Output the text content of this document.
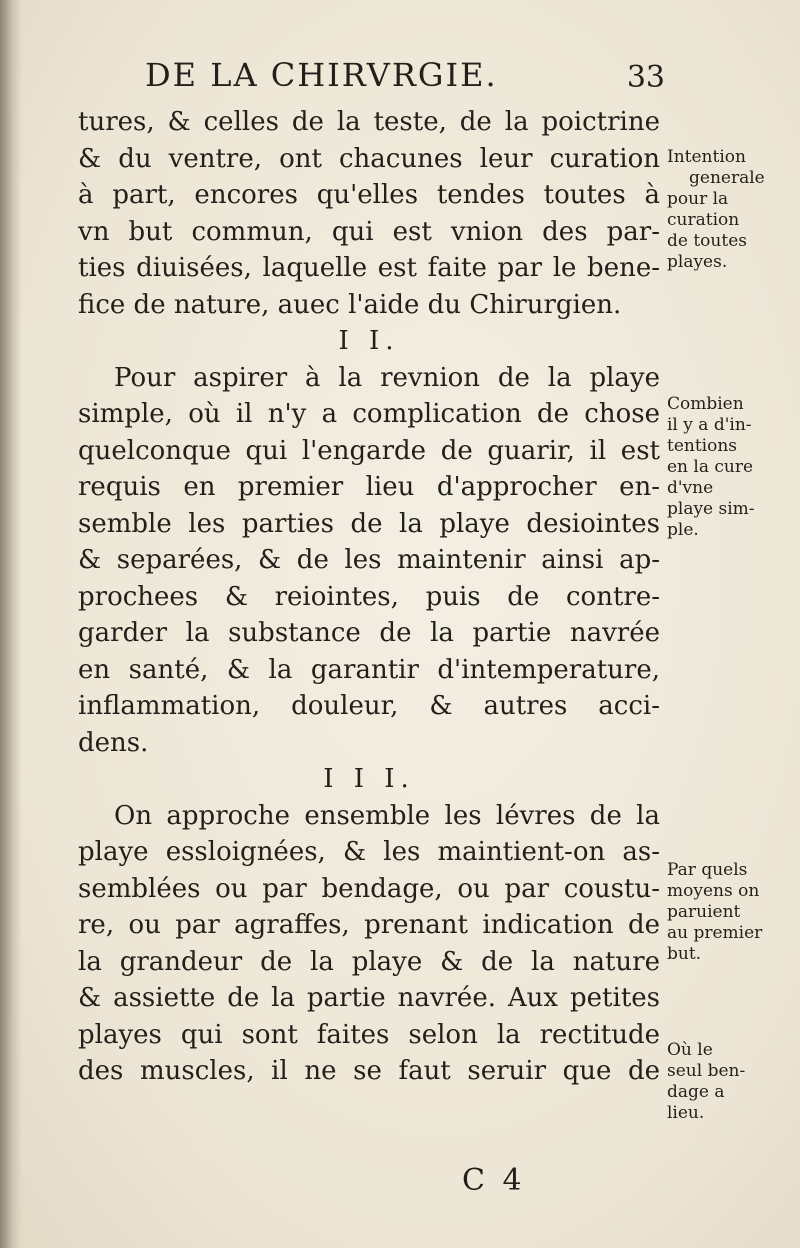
DE LA CHIRVRGIE.	33
tures, & celles de la teste, de la poictrine
& du ventre, ont chacunes leur curation
à part, encores qu'elles tendes toutes à
vn but commun, qui est vnion des par-
ties diuisées, laquelle est faite par le bene-
fice de nature, auec l'aide du Chirurgien.
I I.
Pour aspirer à la revnion de la playe
simple, où il n'y a complication de chose
quelconque qui l'engarde de guarir, il est
requis en premier lieu d'approcher en-
semble les parties de la playe desiointes
& separées, & de les maintenir ainsi ap-
prochees & reiointes, puis de contre-
garder la substance de la partie navrée
en santé, & la garantir d'intemperature,
inflammation, douleur, & autres acci-
dens.
I I I.
On approche ensemble les lévres de la
playe essloignées, & les maintient-on as-
semblées ou par bendage, ou par coustu-
re, ou par agraffes, prenant indication de
la grandeur de la playe & de la nature
& assiette de la partie navrée. Aux petites
playes qui sont faites selon la rectitude
des muscles, il ne se faut seruir que de
Intention
generale
pour la
curation
de toutes
playes.
Combien
il y a d'in-
tentions
en la cure
d'vne
playe sim-
ple.
Par quels
moyens on
paruient
au premier
but.
Où le
seul ben-
dage a
lieu.
C 4
